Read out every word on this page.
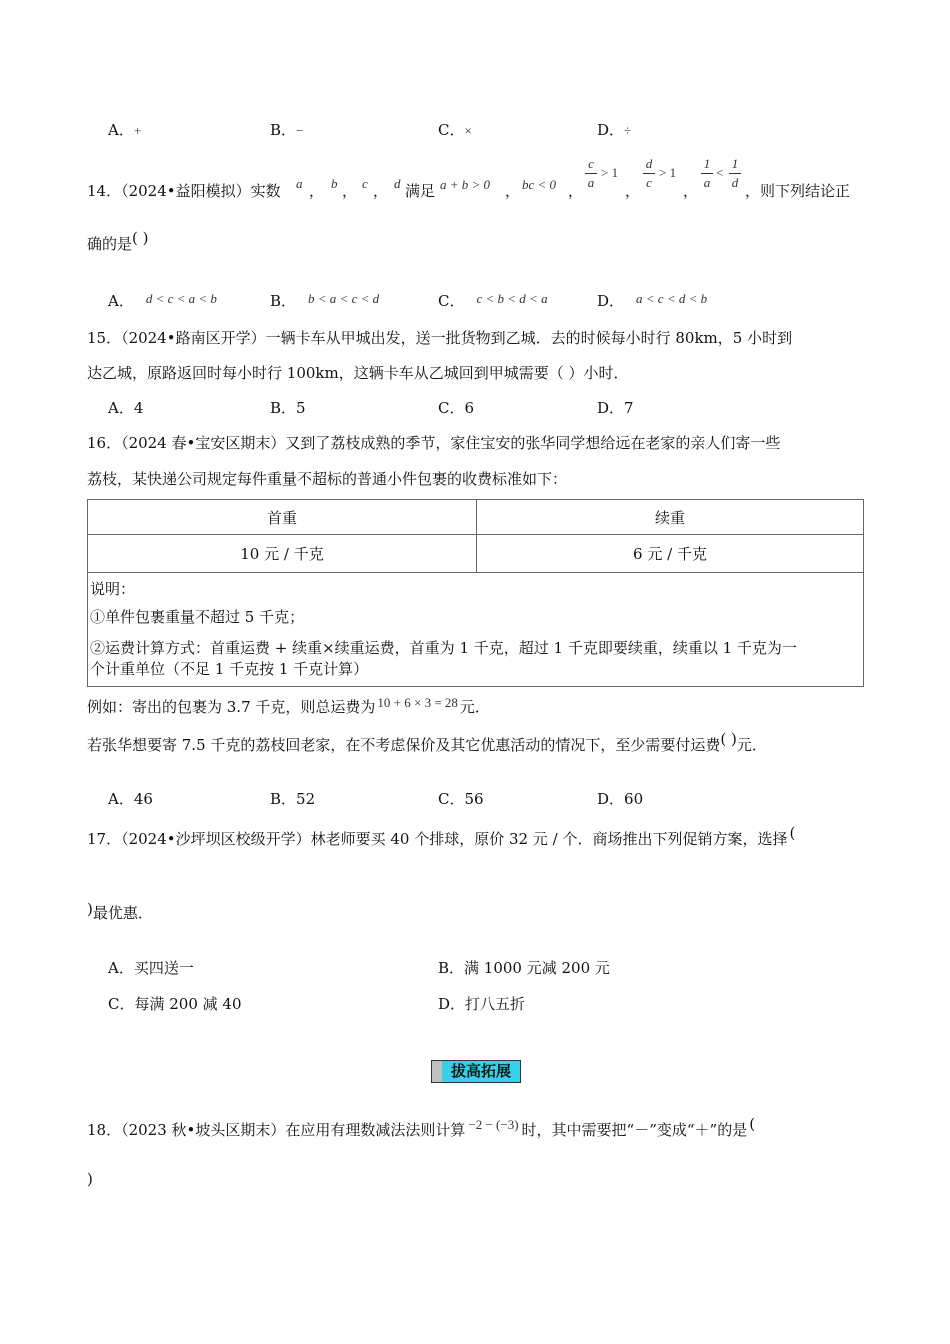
A．+	B．−	C．×	D．÷
14．（2024•益阳模拟）实数 a ， b ， c ， d 满足 a + b > 0 ， bc < 0 ，
c
a
> 1
，
d
c
> 1
，
1
a
<
1
d ，则下列结论正
确的是( )
A． d < c < a < b	B． b < a < c < d	C． c < b < d < a	D． a < c < d < b
15．（2024•路南区开学）一辆卡车从甲城出发，送一批货物到乙城．去的时候每小时行 80km，5 小时到
达乙城，原路返回时每小时行 100km，这辆卡车从乙城回到甲城需要（ ）小时．
A．4	B．5	C．6	D．7
16．（2024 春•宝安区期末）又到了荔枝成熟的季节，家住宝安的张华同学想给远在老家的亲人们寄一些
荔枝，某快递公司规定每件重量不超标的普通小件包裹的收费标准如下：
首重	续重
10 元 / 千克	6 元 / 千克
说明：
①单件包裹重量不超过 5 千克；
②运费计算方式：首重运费 + 续重×续重运费，首重为 1 千克，超过 1 千克即要续重，续重以 1 千克为一
个计重单位（不足 1 千克按 1 千克计算）
例如：寄出的包裹为 3.7 千克，则总运费为 10 + 6 × 3 = 28 元．
若张华想要寄 7.5 千克的荔枝回老家，在不考虑保价及其它优惠活动的情况下，至少需要付运费( )元．
A．46	B．52	C．56	D．60
17．（2024•沙坪坝区校级开学）林老师要买 40 个排球，原价 32 元 / 个．商场推出下列促销方案，选择 (
)最优惠．
A．买四送一	B．满 1000 元减 200 元
C．每满 200 减 40	D．打八五折
拔高拓展
18．（2023 秋•坡头区期末）在应用有理数减法法则计算 −2 − (−3) 时，其中需要把“－”变成“＋”的是 (
)
